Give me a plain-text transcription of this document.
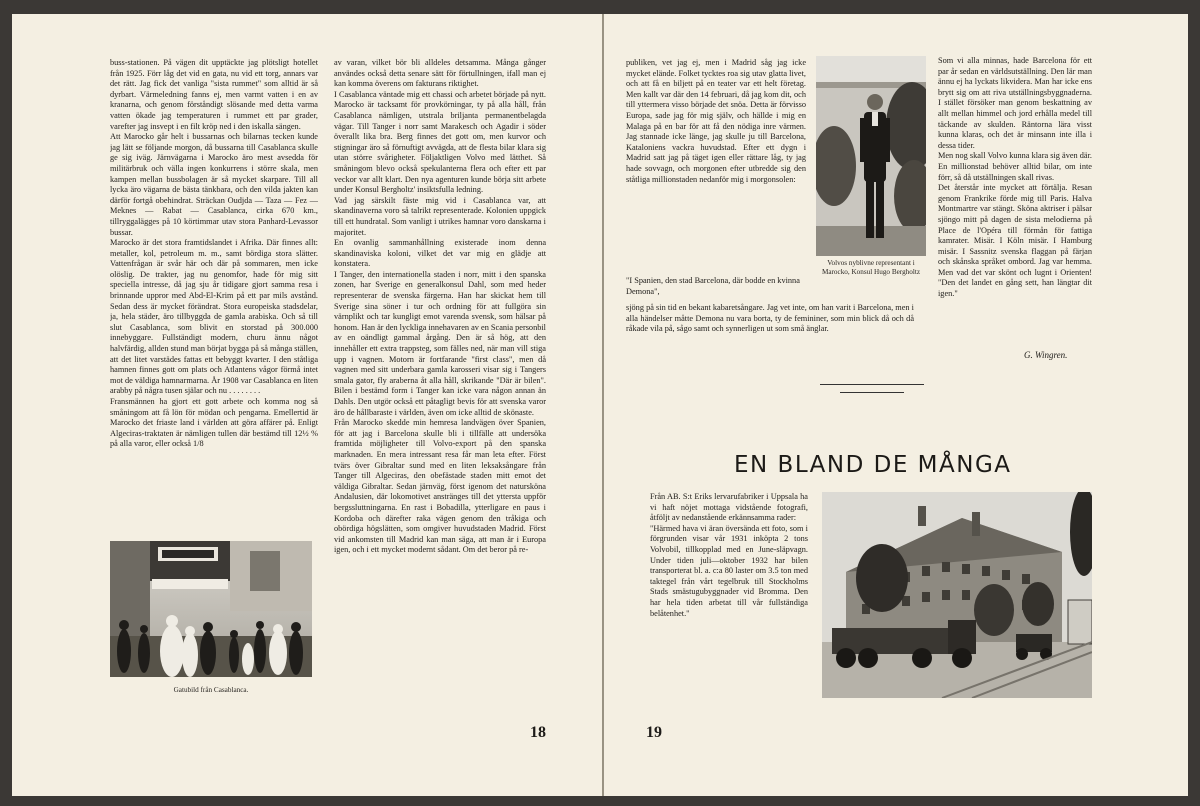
buss-stationen. På vägen dit upptäckte jag plötsligt hotellet från 1925. Förr låg det vid en gata, nu vid ett torg, annars var det rätt. Jag fick det vanliga "sista rummet" som alltid är så dyrbart. Värmeledning fanns ej, men varmt vatten i en av kranarna, och genom förståndigt slösande med detta varma vatten ökade jag temperaturen i rummet ett par grader, varefter jag insvept i en filt kröp ned i den iskalla sängen.
Att Marocko går helt i bussarnas och bilarnas tecken kunde jag lätt se följande morgon, då bussarna till Casablanca skulle ge sig iväg. Järnvägarna i Marocko äro mest avsedda för militärbruk och välla ingen konkurrens i större skala, men kampen mellan bussbolagen är så mycket skarpare. Till all lycka äro vägarna de bästa tänkbara, och den vilda jakten kan därför fortgå obehindrat. Sträckan Oudjda — Taza — Fez — Meknes — Rabat — Casablanca, cirka 670 km., tillryggalägges på 10 körtimmar utav stora Panhard-Levassor bussar.
Marocko är det stora framtidslandet i Afrika. Där finnes allt: metaller, kol, petroleum m. m., samt bördiga stora slätter. Vattenfrågan är svår här och där på sommaren, men icke olöslig. De trakter, jag nu genomfor, hade för mig sitt speciella intresse, då jag sju år tidigare gjort samma resa i brinnande uppror med Abd-El-Krim på ett par mils avstånd. Sedan dess är mycket förändrat. Stora europeiska stadsdelar, ja, hela städer, äro tillbyggda de gamla arabiska. Och så till slut Casablanca, som blivit en storstad på 300.000 innebyggare. Fullständigt modern, churu ännu något halvfärdig, allden stund man börjat bygga på så många ställen, att det litet varstädes fattas ett bebyggt kvarter. I den ståtliga hamnen finnes gott om plats och Atlantens vågor förmå intet mot de väldiga hamnarmarna. År 1908 var Casablanca en liten arabby på några tusen själar och nu . . . . . . . .
Fransmännen ha gjort ett gott arbete och komma nog så småningom att få lön för mödan och pengarna. Emellertid är Marocko det friaste land i världen att göra affärer på. Enligt Algeciras-traktaten är nämligen tullen där bestämd till 12½ % på alla varor, eller också 1/8
av varan, vilket bör bli alldeles detsamma. Många gånger användes också detta senare sätt för förtullningen, ifall man ej kan komma överens om fakturans riktighet.
I Casablanca väntade mig ett chassi och arbetet började på nytt. Marocko är tacksamt för provkörningar, ty på alla håll, från Casablanca nämligen, utstrala briljanta permanentbelagda vägar. Till Tanger i norr samt Marakesch och Agadir i söder överallt lika bra. Berg finnes det gott om, men kurvor och stigningar äro så förnuftigt avvägda, att de flesta bilar klara sig utan större svårigheter. Följaktligen Volvo med lätthet. Så småningom blevo också spekulanterna flera och efter ett par veckor var allt klart. Den nya agenturen kunde börja sitt arbete under Konsul Bergholtz' insiktsfulla ledning.
Vad jag särskilt fäste mig vid i Casablanca var, att skandinaverna voro så talrikt representerade. Kolonien uppgick till ett hundratal. Som vanligt i utrikes hamnar voro danskarna i majoritet.
En ovanlig sammanhållning existerade inom denna skandinaviska koloni, vilket det var mig en glädje att konstatera.
I Tanger, den internationella staden i norr, mitt i den spanska zonen, har Sverige en generalkonsul Dahl, som med heder representerar de svenska färgerna. Han har skickat hem till Sverige sina söner i tur och ordning för att fullgöra sin värnplikt och tar kungligt emot varenda svensk, som hälsar på honom. Han är den lyckliga innehavaren av en Scania personbil av en oändligt gammal årgång. Den är så hög, att den innehåller ett extra trappsteg, som fälles ned, när man vill stiga upp i vagnen. Motorn är fortfarande "first class", men då vagnen med sitt underbara gamla karosseri visar sig i Tangers smala gator, fly araberna åt alla håll, skrikande "Där är bilen". Bilen i bestämd form i Tanger kan icke vara någon annan än Dahls. Den utgör också ett påtagligt bevis för att svenska varor äro de hållbaraste i världen, även om icke alltid de skönaste.
Från Marocko skedde min hemresa landvägen över Spanien, för att jag i Barcelona skulle bli i tillfälle att undersöka framtida möjligheter till Volvo-export på den spanska marknaden. En mera intressant resa får man leta efter. Först tvärs över Gibraltar sund med en liten leksaksångare från Tanger till Algeciras, den obefästade staden mitt emot det väldiga Gibraltar. Sedan järnväg, först igenom det natursköna Andalusien, där lokomotivet anstränges till det yttersta uppför bergssluttningarna. En rast i Bobadilla, ytterligare en paus i Kordoba och därefter raka vägen genom den tråkiga och obördiga högslätten, som omgiver huvudstaden Madrid. Först vid ankomsten till Madrid kan man säga, att man är i Europa igen, och i ett mycket modernt sådant. Om det beror på re-
Gatubild från Casablanca.
18
publiken, vet jag ej, men i Madrid såg jag icke mycket elände. Folket tycktes roa sig utav glatta livet, och att få en biljett på en teater var ett helt företag. Men kallt var där den 14 februari, då jag kom dit, och till yttermera visso började det snöa. Detta är förvisso Europa, sade jag för mig själv, och hällde i mig en Malaga på en bar för att få den nödiga inre värmen. Jag stannade icke länge, jag skulle ju till Barcelona, Kataloniens vackra huvudstad. Efter ett dygn i Madrid satt jag på täget igen eller rättare låg, ty jag hade sovvagn, och morgonen efter utbredde sig den ståtliga millionstaden nedanför mig i morgonsolen:
"I Spanien, den stad Barcelona, där bodde en kvinna Demona",
sjöng på sin tid en bekant kabaretsångare. Jag vet inte, om han varit i Barcelona, men i alla händelser måtte Demona nu vara borta, ty de femininer, som min blick då och då råkade vila på, sågo samt och synnerligen ut som små änglar.
Volvos nyblivne representant i Marocko, Konsul Hugo Bergholtz
Som vi alla minnas, hade Barcelona för ett par år sedan en världsutställning. Den lär man ännu ej ha lyckats likvidera. Man har icke ens brytt sig om att riva utställningsbyggnaderna. I stället försöker man genom beskattning av allt mellan himmel och jord erhålla medel till täckande av skulden. Räntorna lära visst kunna klaras, och det är minsann inte illa i dessa tider.
Men nog skall Volvo kunna klara sig även där. En millionstad behöver alltid bilar, om inte förr, så då utställningen skall rivas.
Det återstår inte mycket att förtälja. Resan genom Frankrike förde mig till Paris. Halva Montmartre var stängt. Sköna aktriser i pälsar sjöngo mitt på dagen de sista melodierna på Place de l'Opéra till förmån för fattiga kamrater. Misär. I Köln misär. I Hamburg misär. I Sassnitz svenska flaggan på färjan och skånska språket ombord. Jag var hemma. Men vad det var skönt och lugnt i Orienten! "Den det landet en gång sett, han längtar dit igen."
G. Wingren.
EN BLAND DE MÅNGA
Från AB. S:t Eriks lervarufabriker i Uppsala ha vi haft nöjet mottaga vidstående fotografi, åtföljt av nedanstående erkännsamma rader:
"Härmed hava vi äran översända ett foto, som i förgrunden visar vår 1931 inköpta 2 tons Volvobil, tillkopplad med en June-släpvagn. Under tiden juli—oktober 1932 har bilen transporterat bl. a. c:a 80 laster om 3.5 ton med taktegel från vårt tegelbruk till Stockholms Stads smästugubyggnader vid Bromma. Den har hela tiden arbetat till vår fullständiga belåtenhet."
19
